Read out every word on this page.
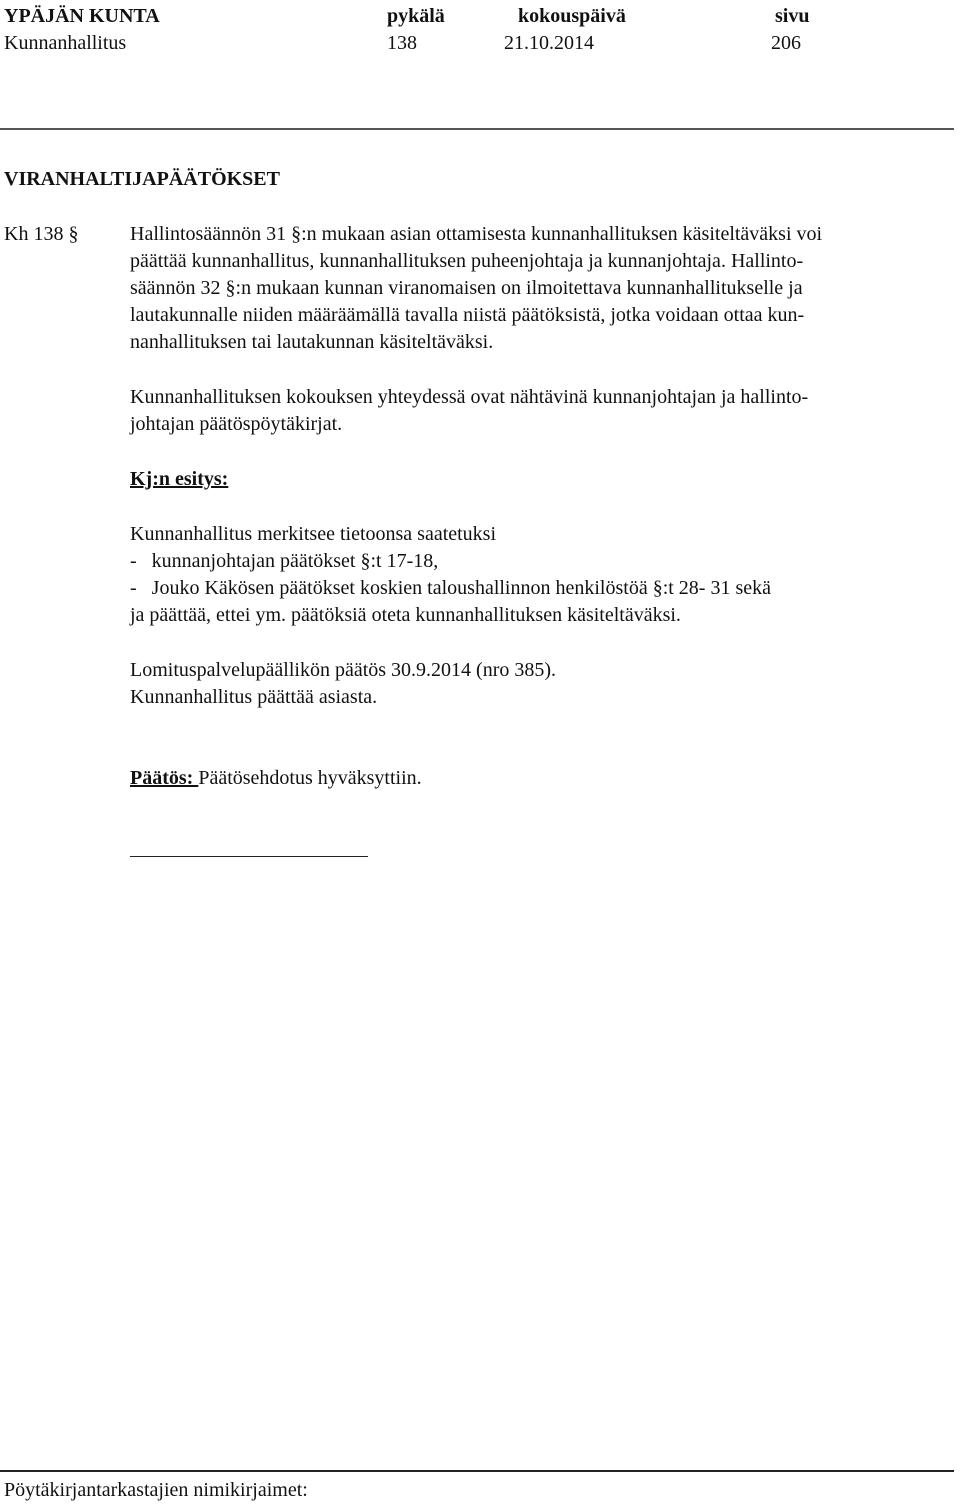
YPÄJÄN KUNTA	pykälä	kokouspäivä	sivu
Kunnanhallitus	138	21.10.2014	206
VIRANHALTIJAPÄÄTÖKSET
Kh 138 §	Hallintosäännön 31 §:n mukaan asian ottamisesta kunnanhallituksen käsiteltäväksi voi
päättää kunnanhallitus, kunnanhallituksen puheenjohtaja ja kunnanjohtaja. Hallinto-
säännön 32 §:n mukaan kunnan viranomaisen on ilmoitettava kunnanhallitukselle ja
lautakunnalle niiden määräämällä tavalla niistä päätöksistä, jotka voidaan ottaa kun-
nanhallituksen tai lautakunnan käsiteltäväksi.
Kunnanhallituksen kokouksen yhteydessä ovat nähtävinä kunnanjohtajan ja hallinto-
johtajan päätöspöytäkirjat.
Kj:n esitys:
Kunnanhallitus merkitsee tietoonsa saatetuksi
-   kunnanjohtajan päätökset §:t 17-18,
-   Jouko Käkösen päätökset koskien taloushallinnon henkilöstöä §:t 28- 31 sekä
ja päättää, ettei ym. päätöksiä oteta kunnanhallituksen käsiteltäväksi.
Lomituspalvelupäällikön päätös 30.9.2014 (nro 385).
Kunnanhallitus päättää asiasta.
Päätös: Päätösehdotus hyväksyttiin.
Pöytäkirjantarkastajien nimikirjaimet:
